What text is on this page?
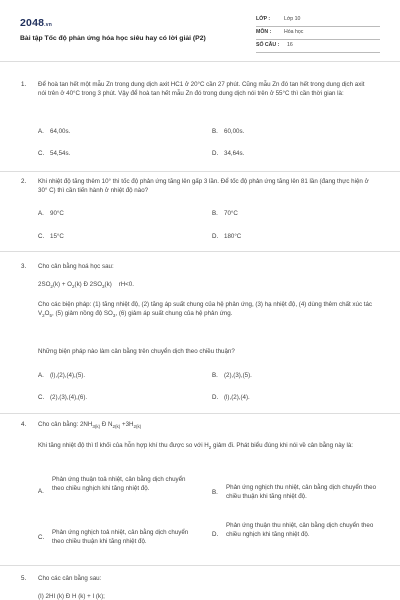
2048.vn
Bài tập Tốc độ phản ứng hóa học siêu hay có lời giải (P2)
LỚP :	Lớp 10
MÔN : Hóa học
SỐ CÂU : 16
1. Để hoà tan hết một mẫu Zn trong dung dịch axit HC1 ở 20°C cần 27 phút. Cũng mẫu Zn đó tan hết trong dung dịch axit nói trên ở 40°C trong 3 phút. Vậy để hoà tan hết mẫu Zn đó trong dung dịch nói trên ở 55°C thì cần thời gian là:
A. 64,00s.	B. 60,00s.
C. 54,54s.	D. 34,64s.
2. Khi nhiệt độ tăng thêm 10° thì tốc độ phản ứng tăng lên gấp 3 lần. Để tốc độ phản ứng tăng lên 81 lần (đang thực hiện ở 30° C) thì cần tiến hành ở nhiệt độ nào?
A. 90°C	B. 70°C
C. 15°C	D. 180°C
3. Cho cân bằng hoá học sau:
$2SO_2(k) + O_2(k)$ Ð $2SO_3(k)$ rH<0.
Cho các biện pháp: (1) tăng nhiệt độ, (2) tăng áp suất chung của hệ phản ứng, (3) hạ nhiệt độ, (4) dùng thêm chất xúc tác $V_2O_5$, (5) giảm nồng độ $SO_3$, (6) giảm áp suất chung của hệ phản ứng.
Những biện pháp nào làm cân bằng trên chuyển dịch theo chiều thuận?
A. (l),(2),(4),(5).	B. (2),(3),(5).
C. (2),(3),(4),(6).	D. (l),(2),(4).
4. Cho cân bằng: $2NH_{3(k)}$ Ð $N_{2(k)} +3H_{2(k)}$
Khi tăng nhiệt độ thì tỉ khối của hỗn hợp khí thu được so với $H_2$ giảm đi. Phát biểu đúng khi nói về cân bằng này là:
A.
Phản ứng thuận toả nhiệt, cân bằng dịch chuyển theo chiều nghịch khi tăng nhiệt độ.
B.
Phản ứng nghịch thu nhiệt, cân bằng dịch chuyển theo chiều thuận khi tăng nhiệt độ.
C.
Phản ứng nghịch toả nhiệt, cân bằng dịch chuyển theo chiều thuận khi tăng nhiệt độ.
D.
Phản ứng thuận thu nhiệt, cân bằng dịch chuyển theo chiều nghịch khi tăng nhiệt độ.
5. Cho các cân bằng sau:
(I) 2HI (k) Ð H (k) + I (k);
